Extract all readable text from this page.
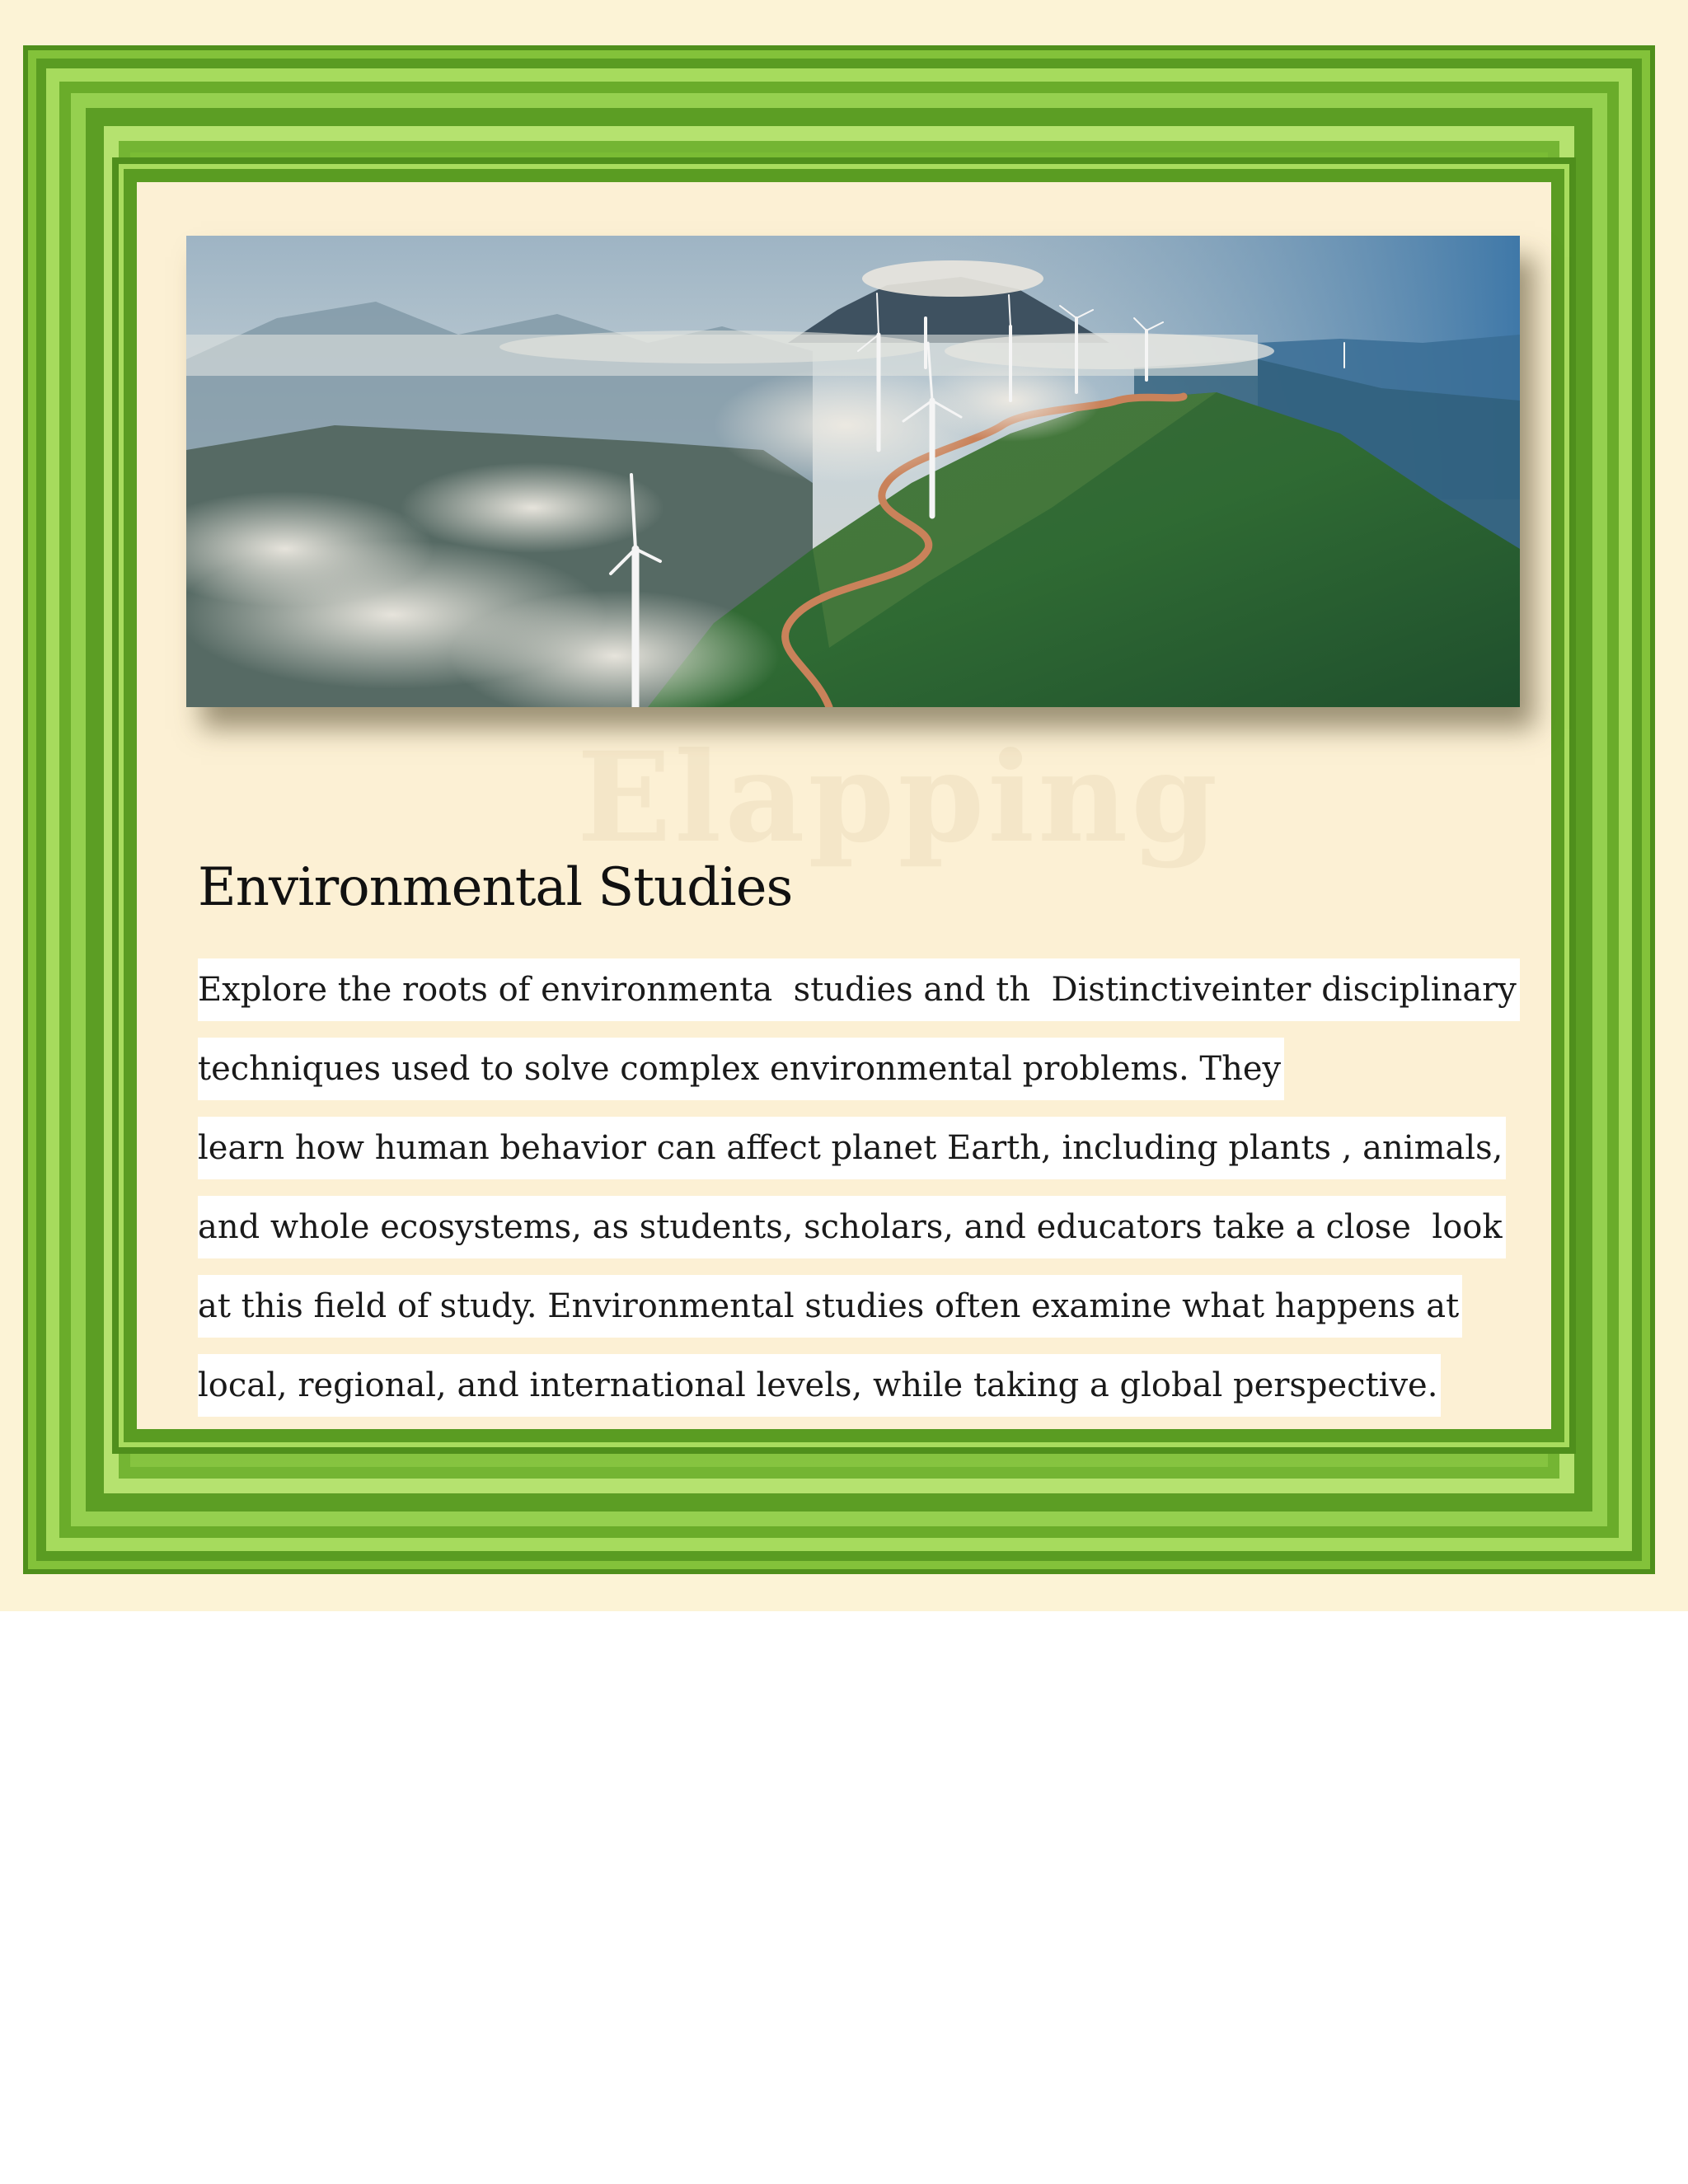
Elapping
Environmental Studies
Explore the roots of environmenta  studies and th  Distinctiveinter disciplinary
techniques used to solve complex environmental problems. They
learn how human behavior can affect planet Earth, including plants , animals,
and whole ecosystems, as students, scholars, and educators take a close  look
at this field of study. Environmental studies often examine what happens at
local, regional, and international levels, while taking a global perspective.
